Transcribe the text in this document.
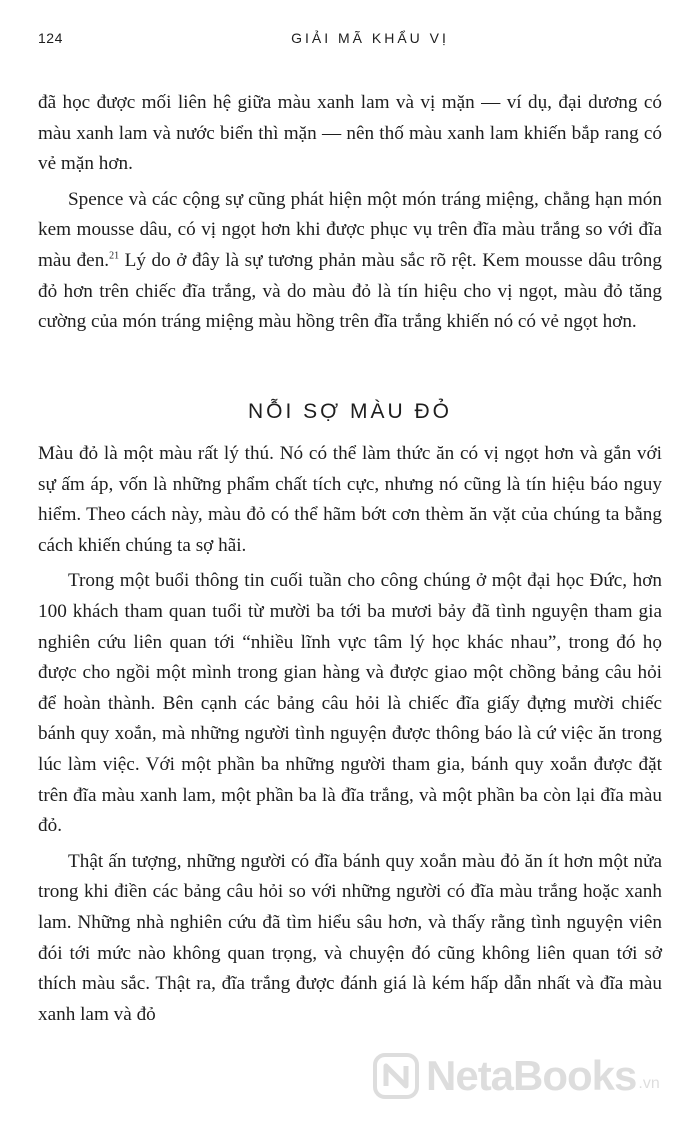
124	GIẢI MÃ KHẨU VỊ

đã học được mối liên hệ giữa màu xanh lam và vị mặn — ví dụ, đại dương có màu xanh lam và nước biển thì mặn — nên thố màu xanh lam khiến bắp rang có vẻ mặn hơn.

Spence và các cộng sự cũng phát hiện một món tráng miệng, chẳng hạn món kem mousse dâu, có vị ngọt hơn khi được phục vụ trên đĩa màu trắng so với đĩa màu đen.$^{21}$ Lý do ở đây là sự tương phản màu sắc rõ rệt. Kem mousse dâu trông đỏ hơn trên chiếc đĩa trắng, và do màu đỏ là tín hiệu cho vị ngọt, màu đỏ tăng cường của món tráng miệng màu hồng trên đĩa trắng khiến nó có vẻ ngọt hơn.

NỖI SỢ MÀU ĐỎ

Màu đỏ là một màu rất lý thú. Nó có thể làm thức ăn có vị ngọt hơn và gắn với sự ấm áp, vốn là những phẩm chất tích cực, nhưng nó cũng là tín hiệu báo nguy hiểm. Theo cách này, màu đỏ có thể hãm bớt cơn thèm ăn vặt của chúng ta bằng cách khiến chúng ta sợ hãi.

Trong một buổi thông tin cuối tuần cho công chúng ở một đại học Đức, hơn 100 khách tham quan tuổi từ mười ba tới ba mươi bảy đã tình nguyện tham gia nghiên cứu liên quan tới “nhiều lĩnh vực tâm lý học khác nhau”, trong đó họ được cho ngồi một mình trong gian hàng và được giao một chồng bảng câu hỏi để hoàn thành. Bên cạnh các bảng câu hỏi là chiếc đĩa giấy đựng mười chiếc bánh quy xoắn, mà những người tình nguyện được thông báo là cứ việc ăn trong lúc làm việc. Với một phần ba những người tham gia, bánh quy xoắn được đặt trên đĩa màu xanh lam, một phần ba là đĩa trắng, và một phần ba còn lại đĩa màu đỏ.

Thật ấn tượng, những người có đĩa bánh quy xoắn màu đỏ ăn ít hơn một nửa trong khi điền các bảng câu hỏi so với những người có đĩa màu trắng hoặc xanh lam. Những nhà nghiên cứu đã tìm hiểu sâu hơn, và thấy rằng tình nguyện viên đói tới mức nào không quan trọng, và chuyện đó cũng không liên quan tới sở thích màu sắc. Thật ra, đĩa trắng được đánh giá là kém hấp dẫn nhất và đĩa màu xanh lam và đỏ

NetaBooks .vn
